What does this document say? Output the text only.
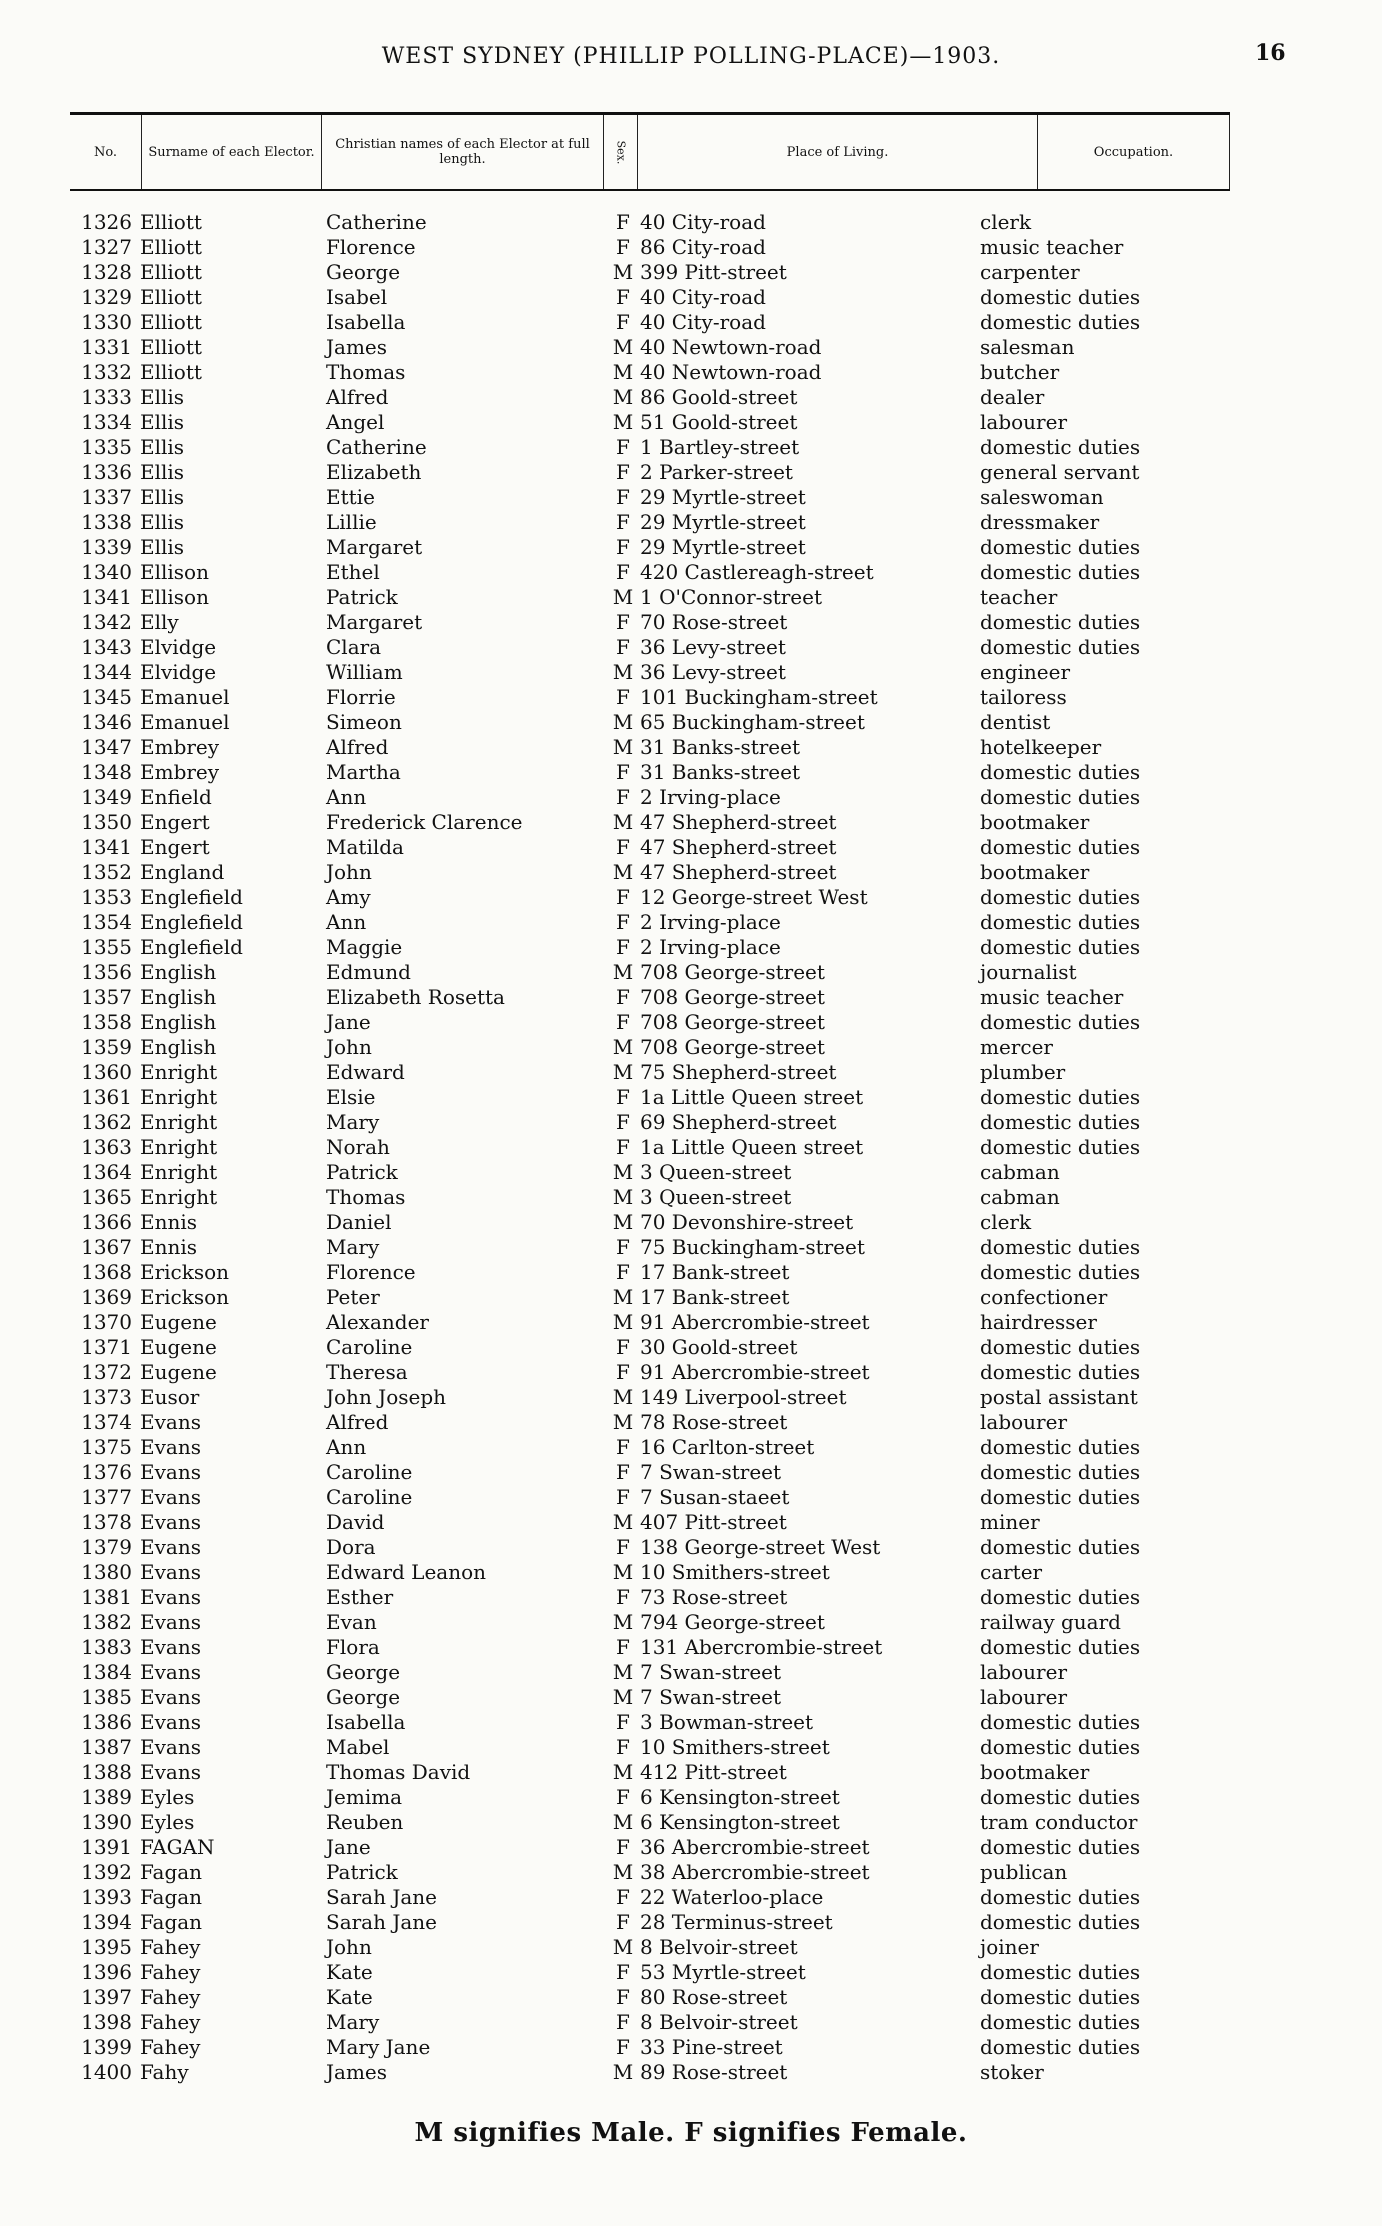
WEST SYDNEY (PHILLIP POLLING-PLACE)—1903.	16
No.	Surname of each Elector.	Christian names of each Elector at full length.	Sex.	Place of Living.	Occupation.
1326 Elliott	Catherine	F 40 City-road	clerk
1327 Elliott	Florence	F 86 City-road	music teacher
1328 Elliott	George	M 399 Pitt-street	carpenter
1329 Elliott	Isabel	F 40 City-road	domestic duties
1330 Elliott	Isabella	F 40 City-road	domestic duties
1331 Elliott	James	M 40 Newtown-road	salesman
1332 Elliott	Thomas	M 40 Newtown-road	butcher
1333 Ellis	Alfred	M 86 Goold-street	dealer
1334 Ellis	Angel	M 51 Goold-street	labourer
1335 Ellis	Catherine	F 1 Bartley-street	domestic duties
1336 Ellis	Elizabeth	F 2 Parker-street	general servant
1337 Ellis	Ettie	F 29 Myrtle-street	saleswoman
1338 Ellis	Lillie	F 29 Myrtle-street	dressmaker
1339 Ellis	Margaret	F 29 Myrtle-street	domestic duties
1340 Ellison	Ethel	F 420 Castlereagh-street	domestic duties
1341 Ellison	Patrick	M 1 O'Connor-street	teacher
1342 Elly	Margaret	F 70 Rose-street	domestic duties
1343 Elvidge	Clara	F 36 Levy-street	domestic duties
1344 Elvidge	William	M 36 Levy-street	engineer
1345 Emanuel	Florrie	F 101 Buckingham-street	tailoress
1346 Emanuel	Simeon	M 65 Buckingham-street	dentist
1347 Embrey	Alfred	M 31 Banks-street	hotelkeeper
1348 Embrey	Martha	F 31 Banks-street	domestic duties
1349 Enfield	Ann	F 2 Irving-place	domestic duties
1350 Engert	Frederick Clarence	M 47 Shepherd-street	bootmaker
1341 Engert	Matilda	F 47 Shepherd-street	domestic duties
1352 England	John	M 47 Shepherd-street	bootmaker
1353 Englefield	Amy	F 12 George-street West	domestic duties
1354 Englefield	Ann	F 2 Irving-place	domestic duties
1355 Englefield	Maggie	F 2 Irving-place	domestic duties
1356 English	Edmund	M 708 George-street	journalist
1357 English	Elizabeth Rosetta	F 708 George-street	music teacher
1358 English	Jane	F 708 George-street	domestic duties
1359 English	John	M 708 George-street	mercer
1360 Enright	Edward	M 75 Shepherd-street	plumber
1361 Enright	Elsie	F 1a Little Queen street	domestic duties
1362 Enright	Mary	F 69 Shepherd-street	domestic duties
1363 Enright	Norah	F 1a Little Queen street	domestic duties
1364 Enright	Patrick	M 3 Queen-street	cabman
1365 Enright	Thomas	M 3 Queen-street	cabman
1366 Ennis	Daniel	M 70 Devonshire-street	clerk
1367 Ennis	Mary	F 75 Buckingham-street	domestic duties
1368 Erickson	Florence	F 17 Bank-street	domestic duties
1369 Erickson	Peter	M 17 Bank-street	confectioner
1370 Eugene	Alexander	M 91 Abercrombie-street	hairdresser
1371 Eugene	Caroline	F 30 Goold-street	domestic duties
1372 Eugene	Theresa	F 91 Abercrombie-street	domestic duties
1373 Eusor	John Joseph	M 149 Liverpool-street	postal assistant
1374 Evans	Alfred	M 78 Rose-street	labourer
1375 Evans	Ann	F 16 Carlton-street	domestic duties
1376 Evans	Caroline	F 7 Swan-street	domestic duties
1377 Evans	Caroline	F 7 Susan-staeet	domestic duties
1378 Evans	David	M 407 Pitt-street	miner
1379 Evans	Dora	F 138 George-street West	domestic duties
1380 Evans	Edward Leanon	M 10 Smithers-street	carter
1381 Evans	Esther	F 73 Rose-street	domestic duties
1382 Evans	Evan	M 794 George-street	railway guard
1383 Evans	Flora	F 131 Abercrombie-street	domestic duties
1384 Evans	George	M 7 Swan-street	labourer
1385 Evans	George	M 7 Swan-street	labourer
1386 Evans	Isabella	F 3 Bowman-street	domestic duties
1387 Evans	Mabel	F 10 Smithers-street	domestic duties
1388 Evans	Thomas David	M 412 Pitt-street	bootmaker
1389 Eyles	Jemima	F 6 Kensington-street	domestic duties
1390 Eyles	Reuben	M 6 Kensington-street	tram conductor
1391 FAGAN	Jane	F 36 Abercrombie-street	domestic duties
1392 Fagan	Patrick	M 38 Abercrombie-street	publican
1393 Fagan	Sarah Jane	F 22 Waterloo-place	domestic duties
1394 Fagan	Sarah Jane	F 28 Terminus-street	domestic duties
1395 Fahey	John	M 8 Belvoir-street	joiner
1396 Fahey	Kate	F 53 Myrtle-street	domestic duties
1397 Fahey	Kate	F 80 Rose-street	domestic duties
1398 Fahey	Mary	F 8 Belvoir-street	domestic duties
1399 Fahey	Mary Jane	F 33 Pine-street	domestic duties
1400 Fahy	James	M 89 Rose-street	stoker
M signifies Male. F signifies Female.
